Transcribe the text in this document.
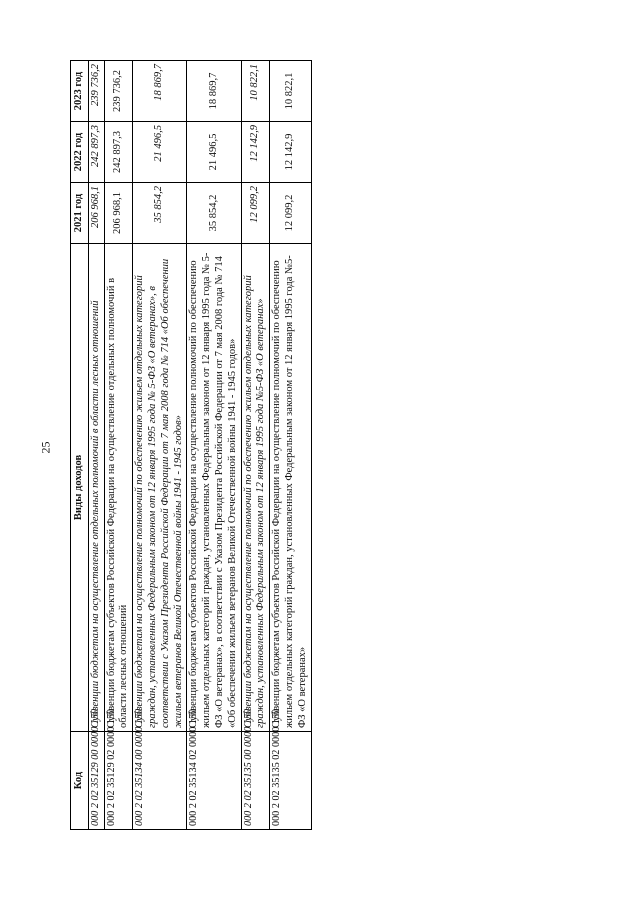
25
Код	Виды доходов	2021 год	2022 год	2023 год
000 2 02 35129 00 0000 150	Субвенции бюджетам на осуществление отдельных полномочий в области лесных отношений	206 968,1	242 897,3	239 736,2
000 2 02 35129 02 0000 150	Субвенции бюджетам субъектов Российской Федерации на осуществление отдельных полномочий в области лесных отношений	206 968,1	242 897,3	239 736,2
000 2 02 35134 00 0000 150	Субвенции бюджетам на осуществление полномочий по обеспечению жильем отдельных категорий граждан, установленных Федеральным законом от 12 января 1995 года № 5-ФЗ «О ветеранах», в соответствии с Указом Президента Российской Федерации от 7 мая 2008 года № 714 «Об обеспечении жильем ветеранов Великой Отечественной войны 1941 - 1945 годов»	35 854,2	21 496,5	18 869,7
000 2 02 35134 02 0000 150	Субвенции бюджетам субъектов Российской Федерации на осуществление полномочий по обеспечению жильем отдельных категорий граждан, установленных Федеральным законом от 12 января 1995 года № 5-ФЗ «О ветеранах», в соответствии с Указом Президента Российской Федерации от 7 мая 2008 года № 714 «Об обеспечении жильем ветеранов Великой Отечественной войны 1941 - 1945 годов»	35 854,2	21 496,5	18 869,7
000 2 02 35135 00 0000 150	Субвенции бюджетам на осуществление полномочий по обеспечению жильем отдельных категорий граждан, установленных Федеральным законом от 12 января 1995 года №5-ФЗ «О ветеранах»	12 099,2	12 142,9	10 822,1
000 2 02 35135 02 0000 150	Субвенции бюджетам субъектов Российской Федерации на осуществление полномочий по обеспечению жильем отдельных категорий граждан, установленных Федеральным законом от 12 января 1995 года №5-ФЗ «О ветеранах»	12 099,2	12 142,9	10 822,1
